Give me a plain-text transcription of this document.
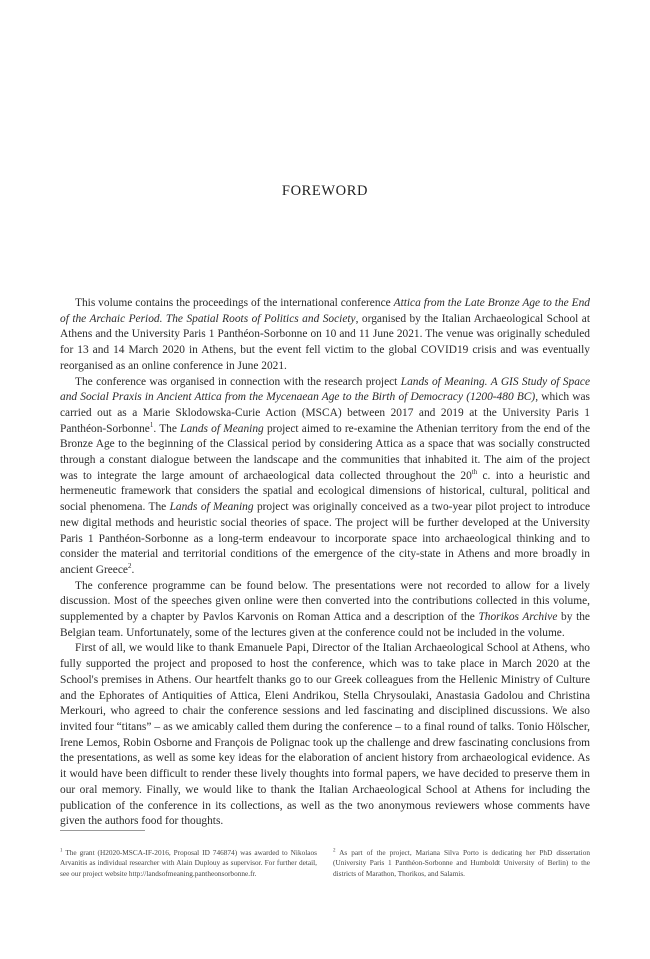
FOREWORD

This volume contains the proceedings of the international conference Attica from the Late Bronze Age to the End of the Archaic Period. The Spatial Roots of Politics and Society, organised by the Italian Archaeological School at Athens and the University Paris 1 Panthéon-Sorbonne on 10 and 11 June 2021. The venue was originally scheduled for 13 and 14 March 2020 in Athens, but the event fell victim to the global COVID19 crisis and was eventually reorganised as an online conference in June 2021.

The conference was organised in connection with the research project Lands of Meaning. A GIS Study of Space and Social Praxis in Ancient Attica from the Mycenaean Age to the Birth of Democracy (1200-480 BC), which was carried out as a Marie Sklodowska-Curie Action (MSCA) between 2017 and 2019 at the University Paris 1 Panthéon-Sorbonne$^1$. The Lands of Meaning project aimed to re-examine the Athenian territory from the end of the Bronze Age to the beginning of the Classical period by considering Attica as a space that was socially constructed through a constant dialogue between the landscape and the communities that inhabited it. The aim of the project was to integrate the large amount of archaeological data collected throughout the 20th c. into a heuristic and hermeneutic framework that considers the spatial and ecological dimensions of historical, cultural, political and social phenomena. The Lands of Meaning project was originally conceived as a two-year pilot project to introduce new digital methods and heuristic social theories of space. The project will be further developed at the University Paris 1 Panthéon-Sorbonne as a long-term endeavour to incorporate space into archaeological thinking and to consider the material and territorial conditions of the emergence of the city-state in Athens and more broadly in ancient Greece$^2$.

The conference programme can be found below. The presentations were not recorded to allow for a lively discussion. Most of the speeches given online were then converted into the contributions collected in this volume, supplemented by a chapter by Pavlos Karvonis on Roman Attica and a description of the Thorikos Archive by the Belgian team. Unfortunately, some of the lectures given at the conference could not be included in the volume.

First of all, we would like to thank Emanuele Papi, Director of the Italian Archaeological School at Athens, who fully supported the project and proposed to host the conference, which was to take place in March 2020 at the School's premises in Athens. Our heartfelt thanks go to our Greek colleagues from the Hellenic Ministry of Culture and the Ephorates of Antiquities of Attica, Eleni Andrikou, Stella Chrysoulaki, Anastasia Gadolou and Christina Merkouri, who agreed to chair the conference sessions and led fascinating and disciplined discussions. We also invited four “titans” – as we amicably called them during the conference – to a final round of talks. Tonio Hölscher, Irene Lemos, Robin Osborne and François de Polignac took up the challenge and drew fascinating conclusions from the presentations, as well as some key ideas for the elaboration of ancient history from archaeological evidence. As it would have been difficult to render these lively thoughts into formal papers, we have decided to preserve them in our oral memory. Finally, we would like to thank the Italian Archaeological School at Athens for including the publication of the conference in its collections, as well as the two anonymous reviewers whose comments have given the authors food for thoughts.

$^1$ The grant (H2020-MSCA-IF-2016, Proposal ID 746874) was awarded to Nikolaos Arvanitis as individual researcher with Alain Duplouy as supervisor. For further detail, see our project website http://landsofmeaning.pantheonsorbonne.fr.
$^2$ As part of the project, Mariana Silva Porto is dedicating her PhD dissertation (University Paris 1 Panthéon-Sorbonne and Humboldt University of Berlin) to the districts of Marathon, Thorikos, and Salamis.
